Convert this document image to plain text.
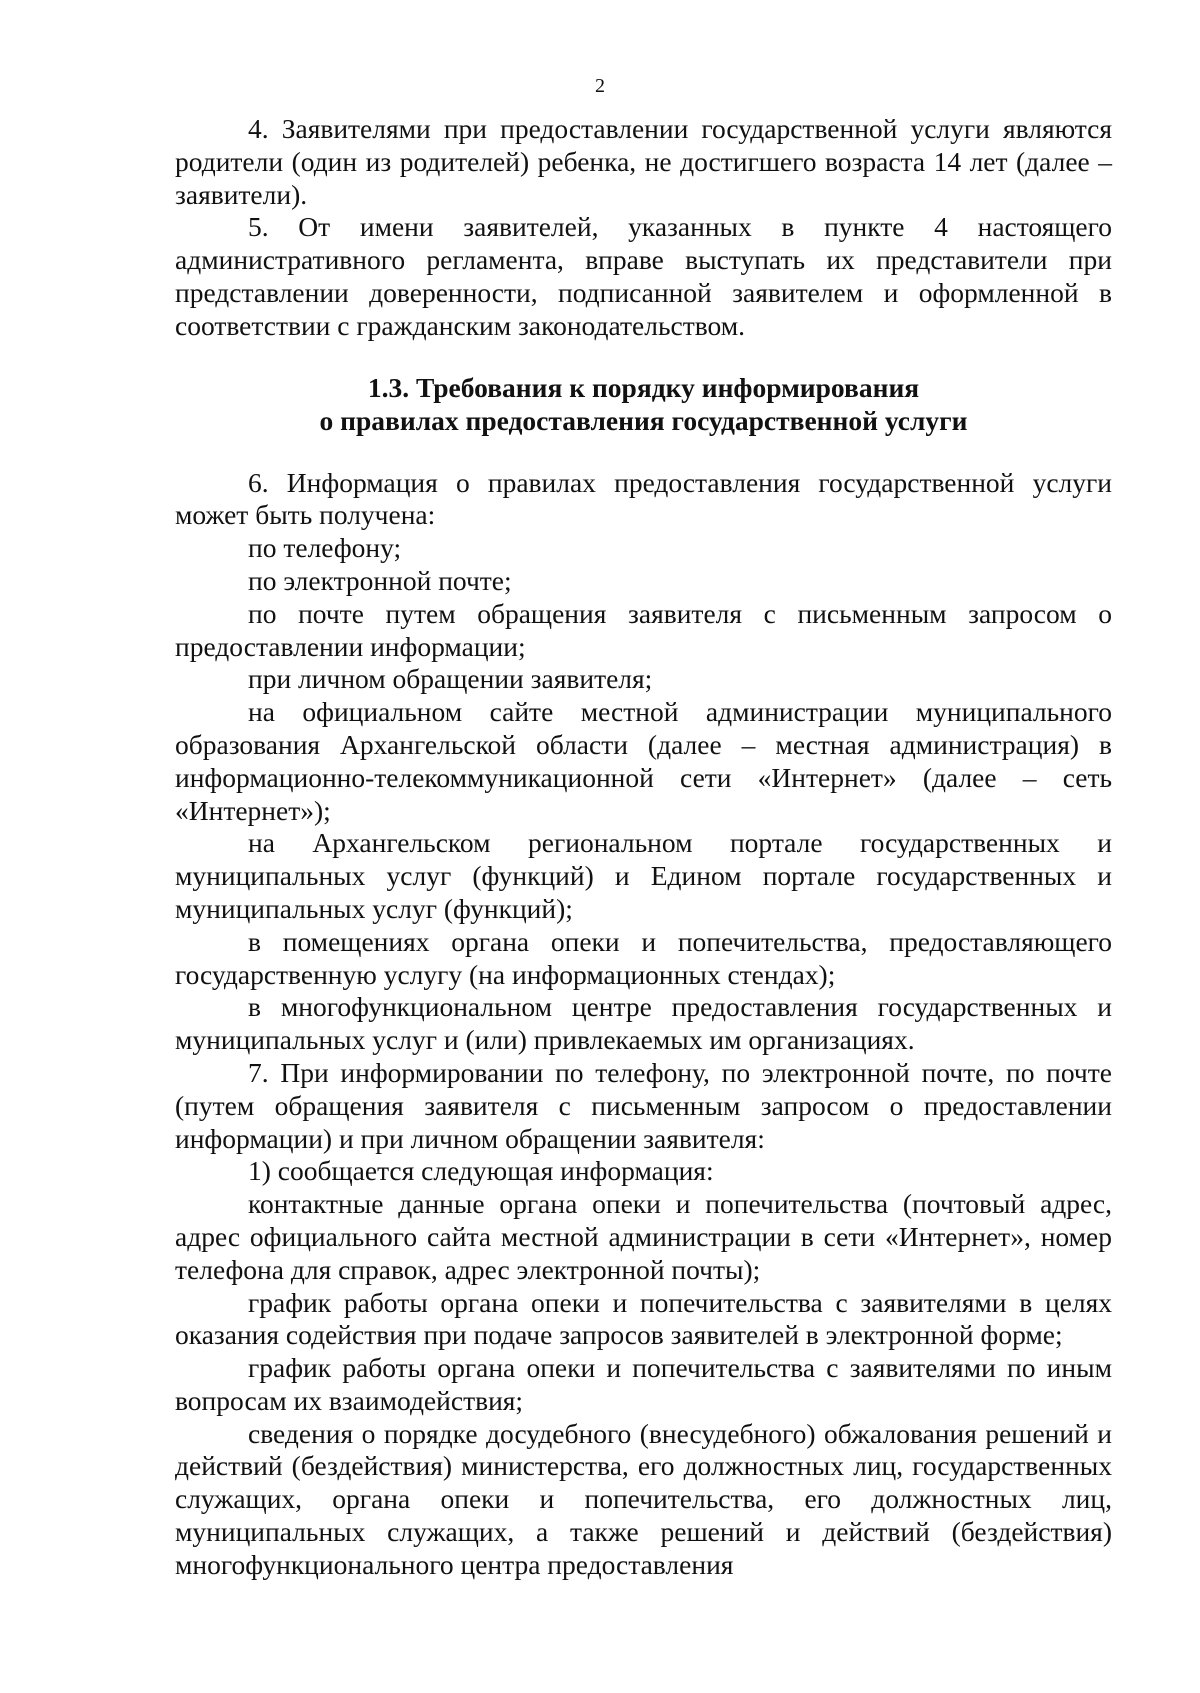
2

4. Заявителями при предоставлении государственной услуги являются родители (один из родителей) ребенка, не достигшего возраста 14 лет (далее – заявители).

5. От имени заявителей, указанных в пункте 4 настоящего административного регламента, вправе выступать их представители при представлении доверенности, подписанной заявителем и оформленной в соответствии с гражданским законодательством.

1.3. Требования к порядку информирования
о правилах предоставления государственной услуги

6. Информация о правилах предоставления государственной услуги может быть получена:

по телефону;

по электронной почте;

по почте путем обращения заявителя с письменным запросом о предоставлении информации;

при личном обращении заявителя;

на официальном сайте местной администрации муниципального образования Архангельской области (далее – местная администрация) в информационно-телекоммуникационной сети «Интернет» (далее – сеть «Интернет»);

на Архангельском региональном портале государственных и муниципальных услуг (функций) и Едином портале государственных и муниципальных услуг (функций);

в помещениях органа опеки и попечительства, предоставляющего государственную услугу (на информационных стендах);

в многофункциональном центре предоставления государственных и муниципальных услуг и (или) привлекаемых им организациях.

7. При информировании по телефону, по электронной почте, по почте (путем обращения заявителя с письменным запросом о предоставлении информации) и при личном обращении заявителя:

1) сообщается следующая информация:

контактные данные органа опеки и попечительства (почтовый адрес, адрес официального сайта местной администрации в сети «Интернет», номер телефона для справок, адрес электронной почты);

график работы органа опеки и попечительства с заявителями в целях оказания содействия при подаче запросов заявителей в электронной форме;

график работы органа опеки и попечительства с заявителями по иным вопросам их взаимодействия;

сведения о порядке досудебного (внесудебного) обжалования решений и действий (бездействия) министерства, его должностных лиц, государственных служащих, органа опеки и попечительства, его должностных лиц, муниципальных служащих, а также решений и действий (бездействия) многофункционального центра предоставления
